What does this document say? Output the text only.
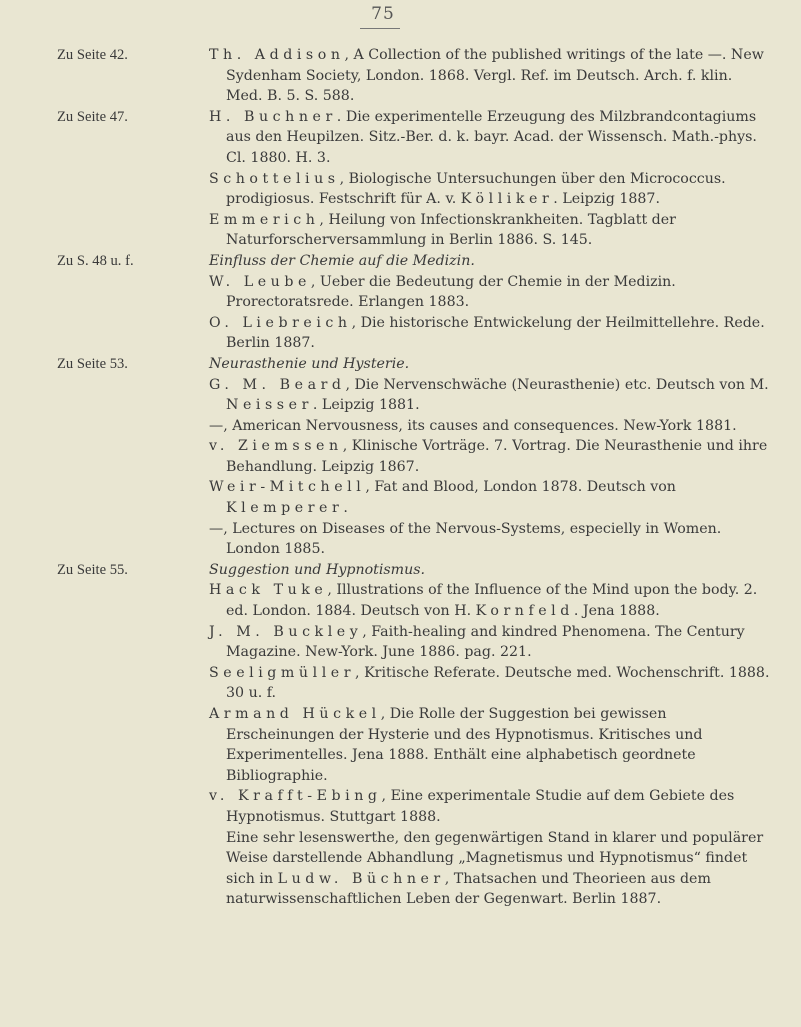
75
Zu Seite 42.	Th. Addison, A Collection of the published writings of the late —. New Sydenham Society, London. 1868. Vergl. Ref. im Deutsch. Arch. f. klin. Med. B. 5. S. 588.
Zu Seite 47.	H. Buchner. Die experimentelle Erzeugung des Milzbrandcontagiums aus den Heupilzen. Sitz.-Ber. d. k. bayr. Acad. der Wissensch. Math.-phys. Cl. 1880. H. 3.
Schottelius, Biologische Untersuchungen über den Micrococcus. prodigiosus. Festschrift für A. v. Kölliker. Leipzig 1887.
Emmerich, Heilung von Infectionskrankheiten. Tagblatt der Naturforscherversammlung in Berlin 1886. S. 145.
Zu S. 48 u. f.	Einfluss der Chemie auf die Medizin.
W. Leube, Ueber die Bedeutung der Chemie in der Medizin. Prorectoratsrede. Erlangen 1883.
O. Liebreich, Die historische Entwickelung der Heilmittellehre. Rede. Berlin 1887.
Zu Seite 53.	Neurasthenie und Hysterie.
G. M. Beard, Die Nervenschwäche (Neurasthenie) etc. Deutsch von M. Neisser. Leipzig 1881.
—, American Nervousness, its causes and consequences. New-York 1881.
v. Ziemssen, Klinische Vorträge. 7. Vortrag. Die Neurasthenie und ihre Behandlung. Leipzig 1867.
Weir-Mitchell, Fat and Blood, London 1878. Deutsch von Klemperer.
—, Lectures on Diseases of the Nervous-Systems, especielly in Women. London 1885.
Zu Seite 55.	Suggestion und Hypnotismus.
Hack Tuke, Illustrations of the Influence of the Mind upon the body. 2. ed. London. 1884. Deutsch von H. Kornfeld. Jena 1888.
J. M. Buckley, Faith-healing and kindred Phenomena. The Century Magazine. New-York. June 1886. pag. 221.
Seeligmüller, Kritische Referate. Deutsche med. Wochenschrift. 1888. 30 u. f.
Armand Hückel, Die Rolle der Suggestion bei gewissen Erscheinungen der Hysterie und des Hypnotismus. Kritisches und Experimentelles. Jena 1888. Enthält eine alphabetisch geordnete Bibliographie.
v. Krafft-Ebing, Eine experimentale Studie auf dem Gebiete des Hypnotismus. Stuttgart 1888.
Eine sehr lesenswerthe, den gegenwärtigen Stand in klarer und populärer Weise darstellende Abhandlung „Magnetismus und Hypnotismus“ findet sich in Ludw. Büchner, Thatsachen und Theorieen aus dem naturwissenschaftlichen Leben der Gegenwart. Berlin 1887.
